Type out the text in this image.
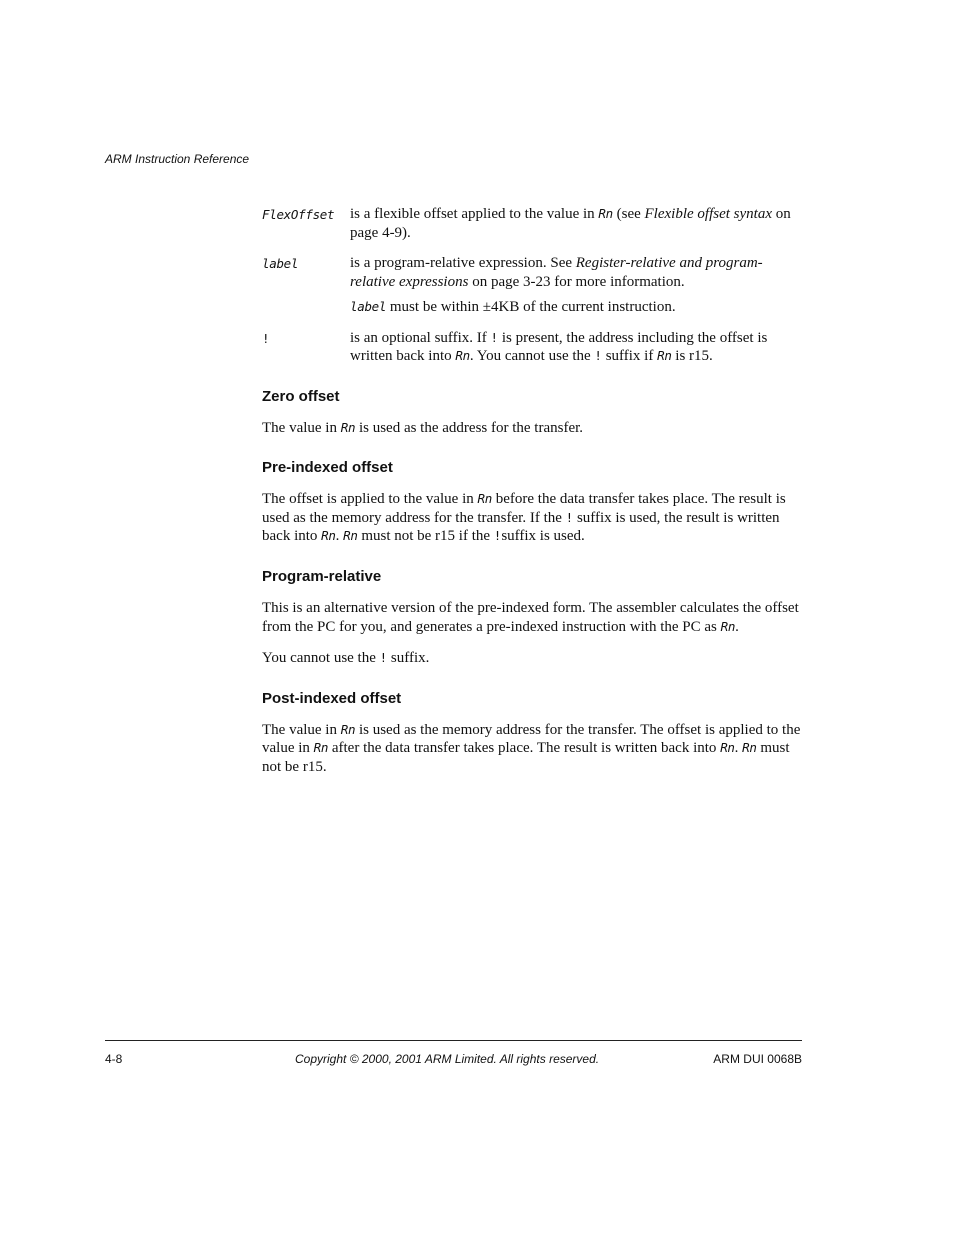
ARM Instruction Reference
FlexOffset	is a flexible offset applied to the value in Rn (see Flexible offset syntax on page 4-9).

label	is a program-relative expression. See Register-relative and program-relative expressions on page 3-23 for more information.

label must be within ±4KB of the current instruction.

!	is an optional suffix. If ! is present, the address including the offset is written back into Rn. You cannot use the ! suffix if Rn is r15.

Zero offset

The value in Rn is used as the address for the transfer.

Pre-indexed offset

The offset is applied to the value in Rn before the data transfer takes place. The result is used as the memory address for the transfer. If the ! suffix is used, the result is written back into Rn. Rn must not be r15 if the !suffix is used.

Program-relative

This is an alternative version of the pre-indexed form. The assembler calculates the offset from the PC for you, and generates a pre-indexed instruction with the PC as Rn.

You cannot use the ! suffix.

Post-indexed offset

The value in Rn is used as the memory address for the transfer. The offset is applied to the value in Rn after the data transfer takes place. The result is written back into Rn. Rn must not be r15.

4-8	Copyright © 2000, 2001 ARM Limited. All rights reserved.	ARM DUI 0068B
